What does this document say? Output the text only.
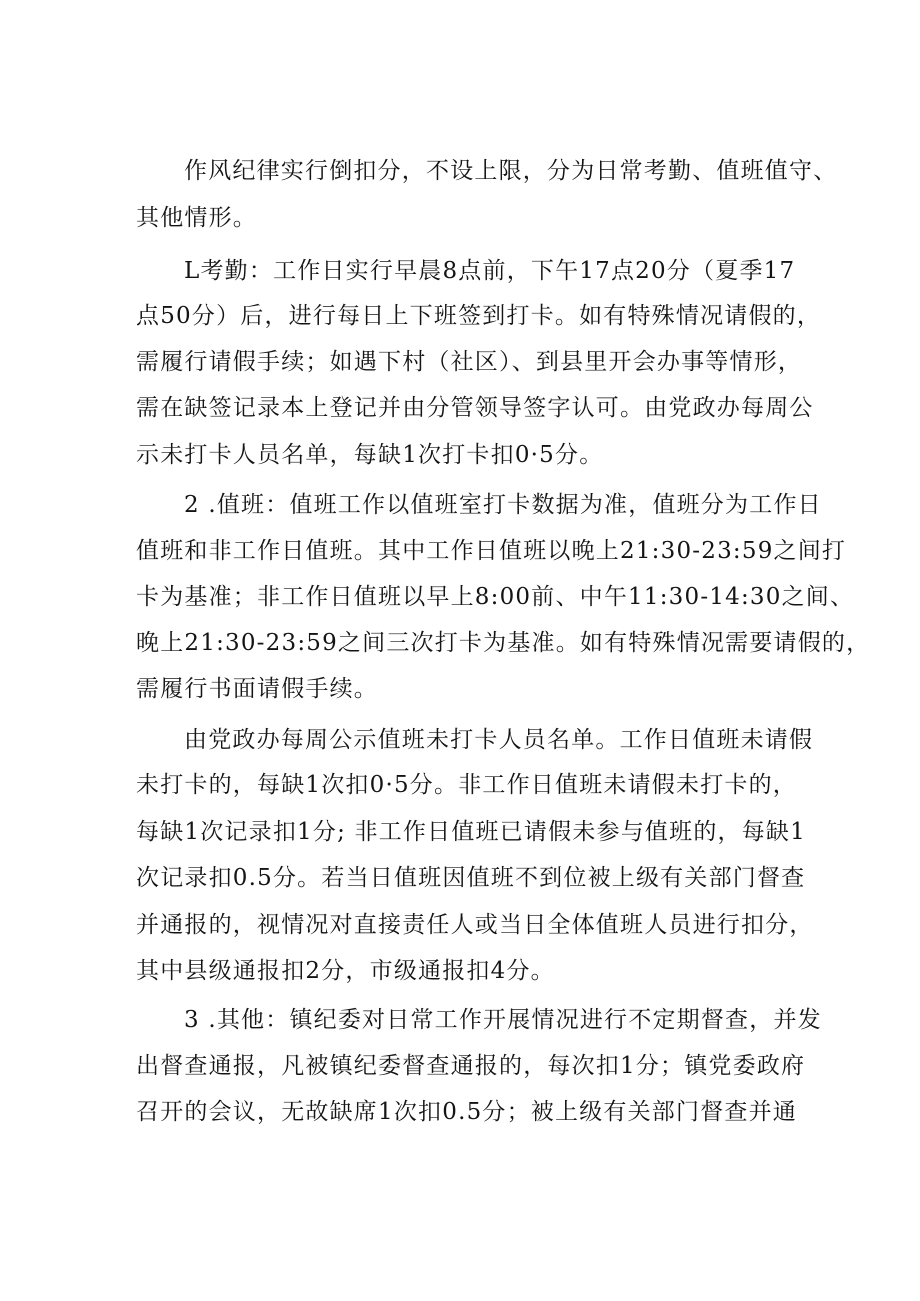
作风纪律实行倒扣分，不设上限，分为日常考勤、值班值守、

其他情形。

L考勤：工作日实行早晨8点前，下午17点20分（夏季17

点50分）后，进行每日上下班签到打卡。如有特殊情况请假的，

需履行请假手续；如遇下村（社区）、到县里开会办事等情形，

需在缺签记录本上登记并由分管领导签字认可。由党政办每周公

示未打卡人员名单，每缺1次打卡扣0·5分。

2 .值班：值班工作以值班室打卡数据为准，值班分为工作日

值班和非工作日值班。其中工作日值班以晚上21:30-23:59之间打

卡为基准；非工作日值班以早上8:00前、中午11:30-14:30之间、

晚上21:30-23:59之间三次打卡为基准。如有特殊情况需要请假的，

需履行书面请假手续。

由党政办每周公示值班未打卡人员名单。工作日值班未请假

未打卡的，每缺1次扣0·5分。非工作日值班未请假未打卡的，

每缺1次记录扣1分; 非工作日值班已请假未参与值班的，每缺1

次记录扣0.5分。若当日值班因值班不到位被上级有关部门督查

并通报的，视情况对直接责任人或当日全体值班人员进行扣分，

其中县级通报扣2分，市级通报扣4分。

3 .其他：镇纪委对日常工作开展情况进行不定期督查，并发

出督查通报，凡被镇纪委督查通报的，每次扣1分；镇党委政府

召开的会议，无故缺席1次扣0.5分；被上级有关部门督查并通
